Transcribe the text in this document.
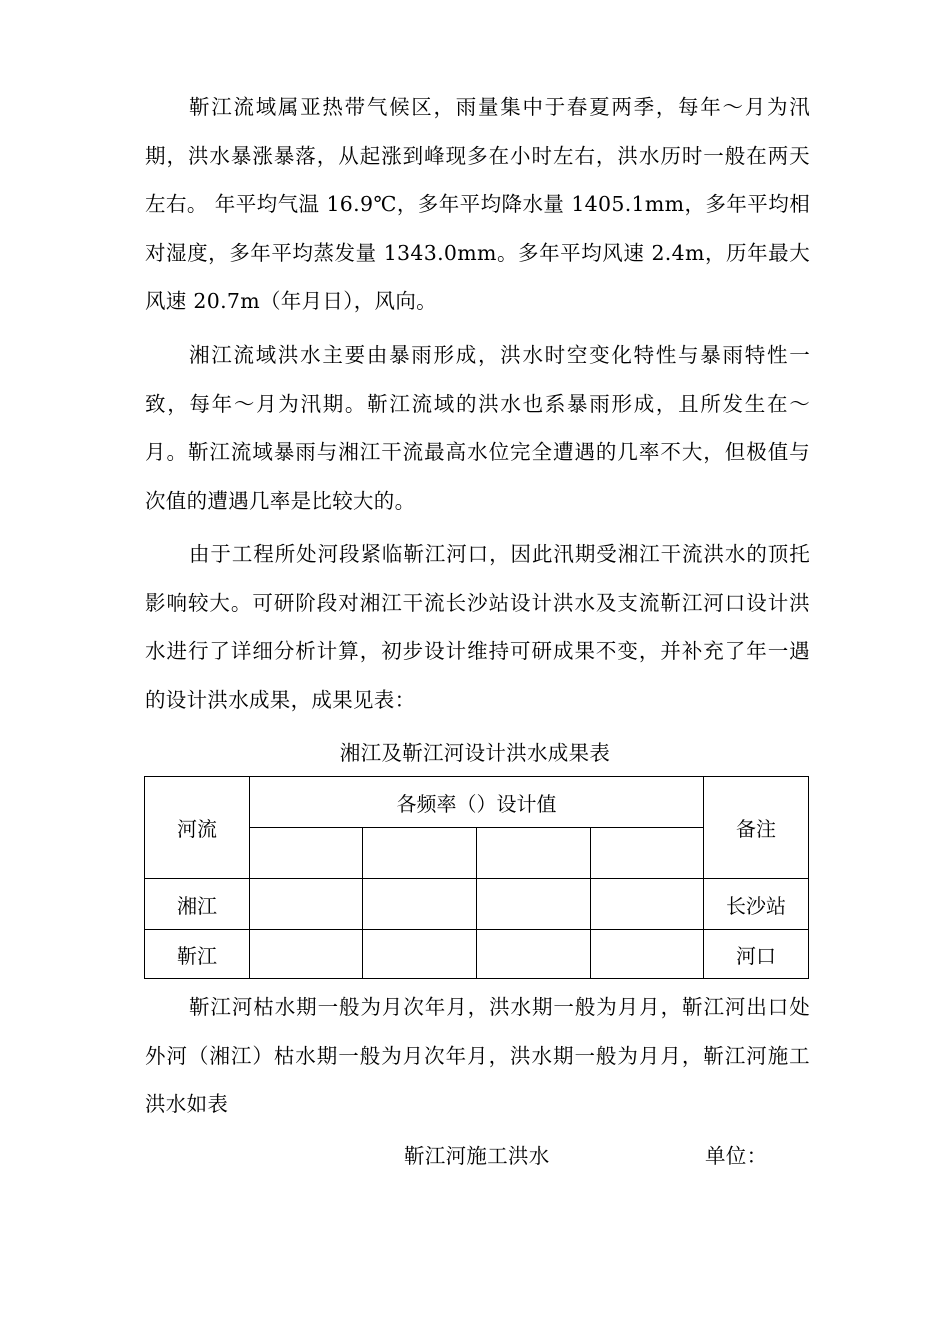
靳江流域属亚热带气候区，雨量集中于春夏两季，每年～月为汛期，洪水暴涨暴落，从起涨到峰现多在小时左右，洪水历时一般在两天左右。 年平均气温 16.9℃，多年平均降水量 1405.1mm，多年平均相对湿度，多年平均蒸发量 1343.0mm。多年平均风速 2.4m，历年最大风速 20.7m（年月日），风向。

湘江流域洪水主要由暴雨形成，洪水时空变化特性与暴雨特性一致，每年～月为汛期。靳江流域的洪水也系暴雨形成，且所发生在～月。靳江流域暴雨与湘江干流最高水位完全遭遇的几率不大，但极值与次值的遭遇几率是比较大的。

由于工程所处河段紧临靳江河口，因此汛期受湘江干流洪水的顶托影响较大。可研阶段对湘江干流长沙站设计洪水及支流靳江河口设计洪水进行了详细分析计算，初步设计维持可研成果不变，并补充了年一遇的设计洪水成果，成果见表：

湘江及靳江河设计洪水成果表
河流	各频率（）设计值				备注

湘江					长沙站
靳江					河口

靳江河枯水期一般为月次年月，洪水期一般为月月，靳江河出口处外河（湘江）枯水期一般为月次年月，洪水期一般为月月，靳江河施工洪水如表

靳江河施工洪水	单位：
